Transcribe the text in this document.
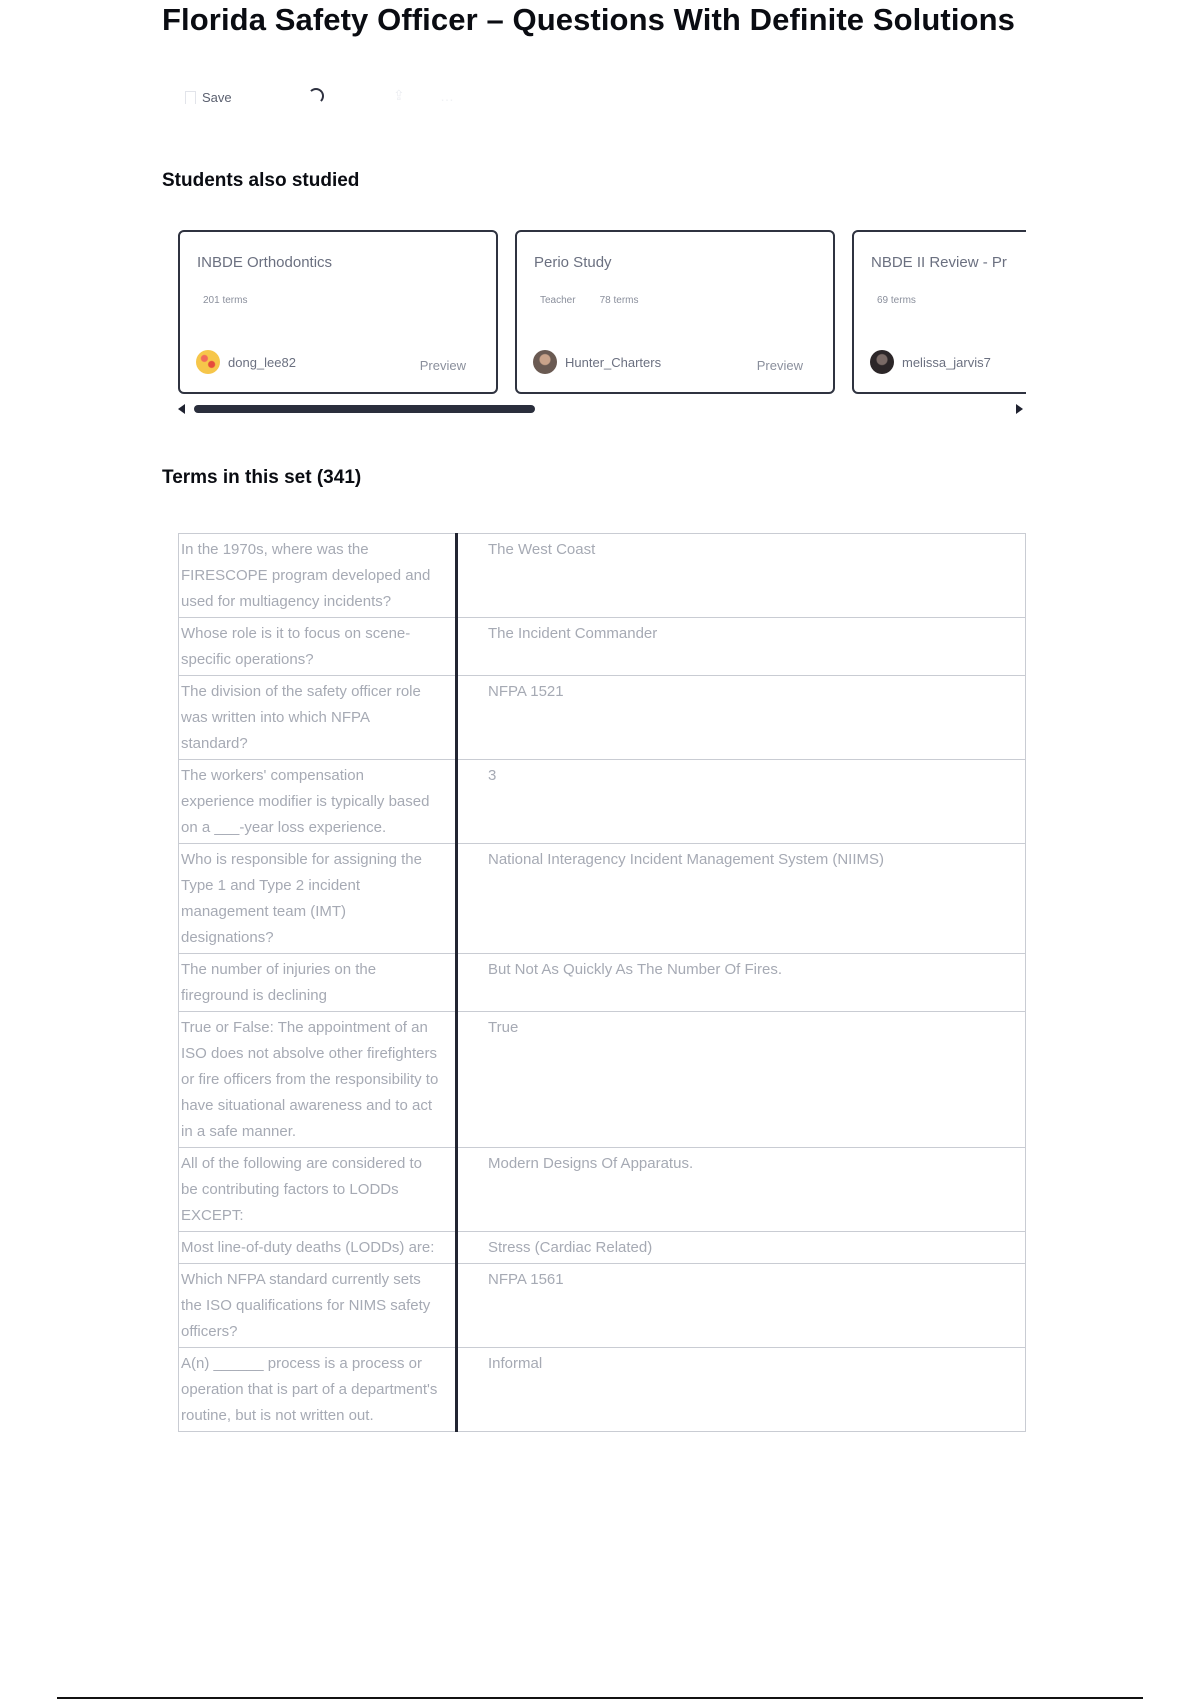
Florida Safety Officer – Questions With Definite Solutions
Save	⇪	…
Students also studied
INBDE Orthodontics
201 terms
dong_lee82	Preview
Perio Study
Teacher 78 terms
Hunter_Charters	Preview
NBDE II Review - Pr
69 terms
melissa_jarvis7
Terms in this set (341)
In the 1970s, where was the FIRESCOPE program developed and used for multiagency incidents?	The West Coast
Whose role is it to focus on scene-specific operations?	The Incident Commander
The division of the safety officer role was written into which NFPA standard?	NFPA 1521
The workers' compensation experience modifier is typically based on a ___-year loss experience.	3
Who is responsible for assigning the Type 1 and Type 2 incident management team (IMT) designations?	National Interagency Incident Management System (NIIMS)
The number of injuries on the fireground is declining	But Not As Quickly As The Number Of Fires.
True or False: The appointment of an ISO does not absolve other firefighters or fire officers from the responsibility to have situational awareness and to act in a safe manner.	True
All of the following are considered to be contributing factors to LODDs EXCEPT:	Modern Designs Of Apparatus.
Most line-of-duty deaths (LODDs) are:	Stress (Cardiac Related)
Which NFPA standard currently sets the ISO qualifications for NIMS safety officers?	NFPA 1561
A(n) ______ process is a process or operation that is part of a department's routine, but is not written out.	Informal
